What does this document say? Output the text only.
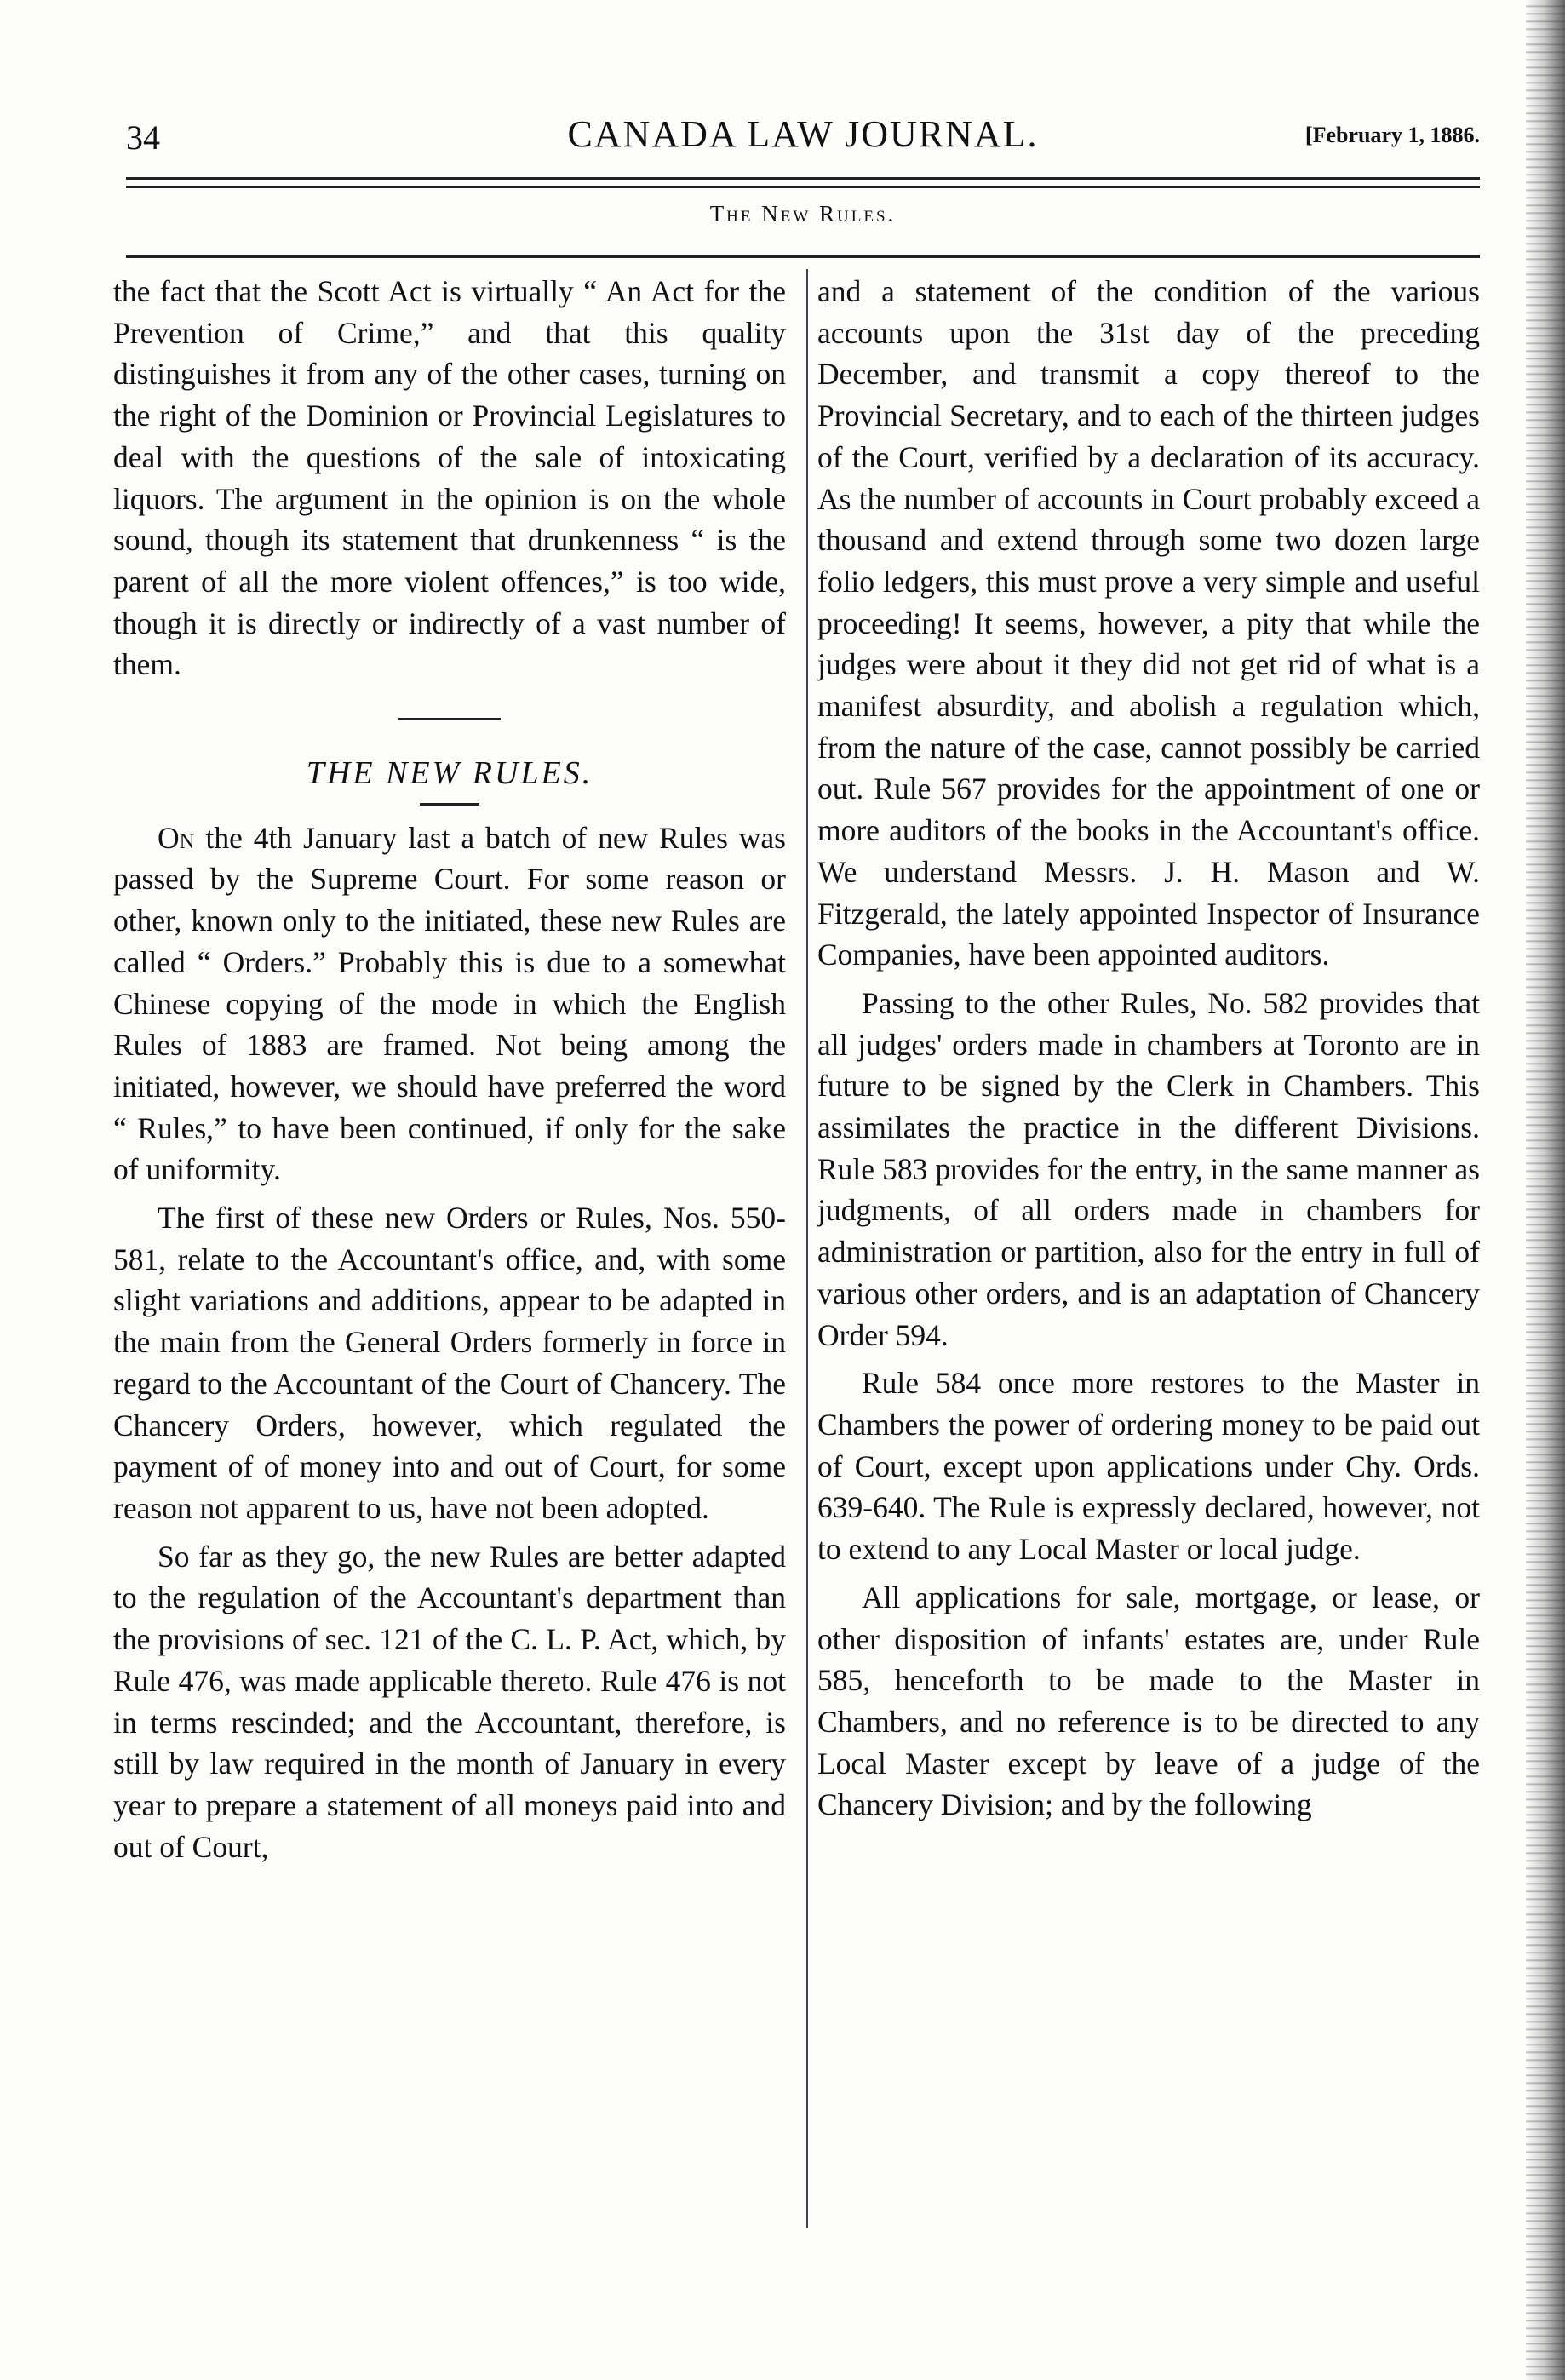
34	CANADA LAW JOURNAL.	[February 1, 1886.
The New Rules.

the fact that the Scott Act is virtually “ An Act for the Prevention of Crime,” and that this quality distinguishes it from any of the other cases, turning on the right of the Dominion or Provincial Legislatures to deal with the questions of the sale of intoxicating liquors. The argument in the opinion is on the whole sound, though its statement that drunkenness “ is the parent of all the more violent offences,” is too wide, though it is directly or indirectly of a vast number of them.

THE NEW RULES.

On the 4th January last a batch of new Rules was passed by the Supreme Court. For some reason or other, known only to the initiated, these new Rules are called “ Orders.” Probably this is due to a somewhat Chinese copying of the mode in which the English Rules of 1883 are framed. Not being among the initiated, however, we should have preferred the word “ Rules,” to have been continued, if only for the sake of uniformity.

The first of these new Orders or Rules, Nos. 550-581, relate to the Accountant's office, and, with some slight variations and additions, appear to be adapted in the main from the General Orders formerly in force in regard to the Accountant of the Court of Chancery. The Chancery Orders, however, which regulated the payment of of money into and out of Court, for some reason not apparent to us, have not been adopted.

So far as they go, the new Rules are better adapted to the regulation of the Accountant's department than the provisions of sec. 121 of the C. L. P. Act, which, by Rule 476, was made applicable thereto. Rule 476 is not in terms rescinded; and the Accountant, therefore, is still by law required in the month of January in every year to prepare a statement of all moneys paid into and out of Court,

and a statement of the condition of the various accounts upon the 31st day of the preceding December, and transmit a copy thereof to the Provincial Secretary, and to each of the thirteen judges of the Court, verified by a declaration of its accuracy. As the number of accounts in Court probably exceed a thousand and extend through some two dozen large folio ledgers, this must prove a very simple and useful proceeding! It seems, however, a pity that while the judges were about it they did not get rid of what is a manifest absurdity, and abolish a regulation which, from the nature of the case, cannot possibly be carried out. Rule 567 provides for the appointment of one or more auditors of the books in the Accountant's office. We understand Messrs. J. H. Mason and W. Fitzgerald, the lately appointed Inspector of Insurance Companies, have been appointed auditors.

Passing to the other Rules, No. 582 provides that all judges' orders made in chambers at Toronto are in future to be signed by the Clerk in Chambers. This assimilates the practice in the different Divisions. Rule 583 provides for the entry, in the same manner as judgments, of all orders made in chambers for administration or partition, also for the entry in full of various other orders, and is an adaptation of Chancery Order 594.

Rule 584 once more restores to the Master in Chambers the power of ordering money to be paid out of Court, except upon applications under Chy. Ords. 639-640. The Rule is expressly declared, however, not to extend to any Local Master or local judge.

All applications for sale, mortgage, or lease, or other disposition of infants' estates are, under Rule 585, henceforth to be made to the Master in Chambers, and no reference is to be directed to any Local Master except by leave of a judge of the Chancery Division; and by the following
